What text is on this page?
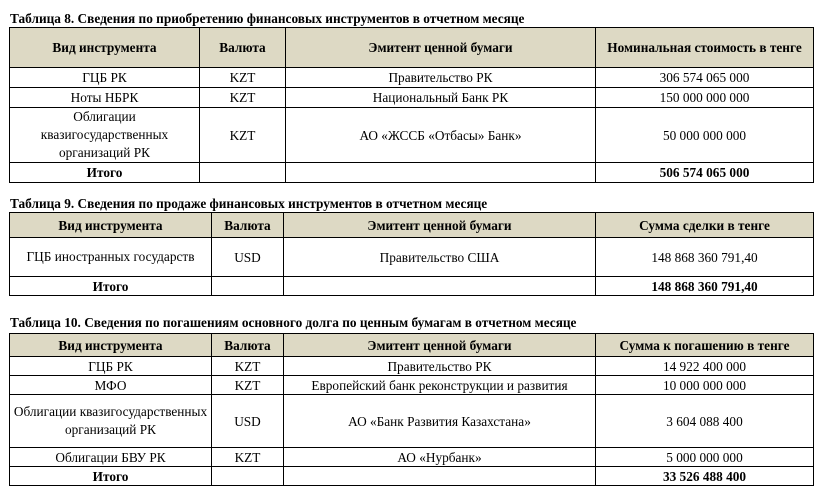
Таблица 8. Сведения по приобретению финансовых инструментов в отчетном месяце
Вид инструмента	Валюта	Эмитент ценной бумаги	Номинальная стоимость в тенге
ГЦБ РК	KZT	Правительство РК	306 574 065 000
Ноты НБРК	KZT	Национальный Банк РК	150 000 000 000
Облигации квазигосударственных организаций РК	KZT	АО «ЖССБ «Отбасы» Банк»	50 000 000 000
Итого			506 574 065 000
Таблица 9. Сведения по продаже финансовых инструментов в отчетном месяце
Вид инструмента	Валюта	Эмитент ценной бумаги	Сумма сделки в тенге
ГЦБ иностранных государств	USD	Правительство США	148 868 360 791,40
Итого			148 868 360 791,40
Таблица 10. Сведения по погашениям основного долга по ценным бумагам в отчетном месяце
Вид инструмента	Валюта	Эмитент ценной бумаги	Сумма к погашению в тенге
ГЦБ РК	KZT	Правительство РК	14 922 400 000
МФО	KZT	Европейский банк реконструкции и развития	10 000 000 000
Облигации квазигосударственных организаций РК	USD	АО «Банк Развития Казахстана»	3 604 088 400
Облигации БВУ РК	KZT	АО «Нурбанк»	5 000 000 000
Итого			33 526 488 400
